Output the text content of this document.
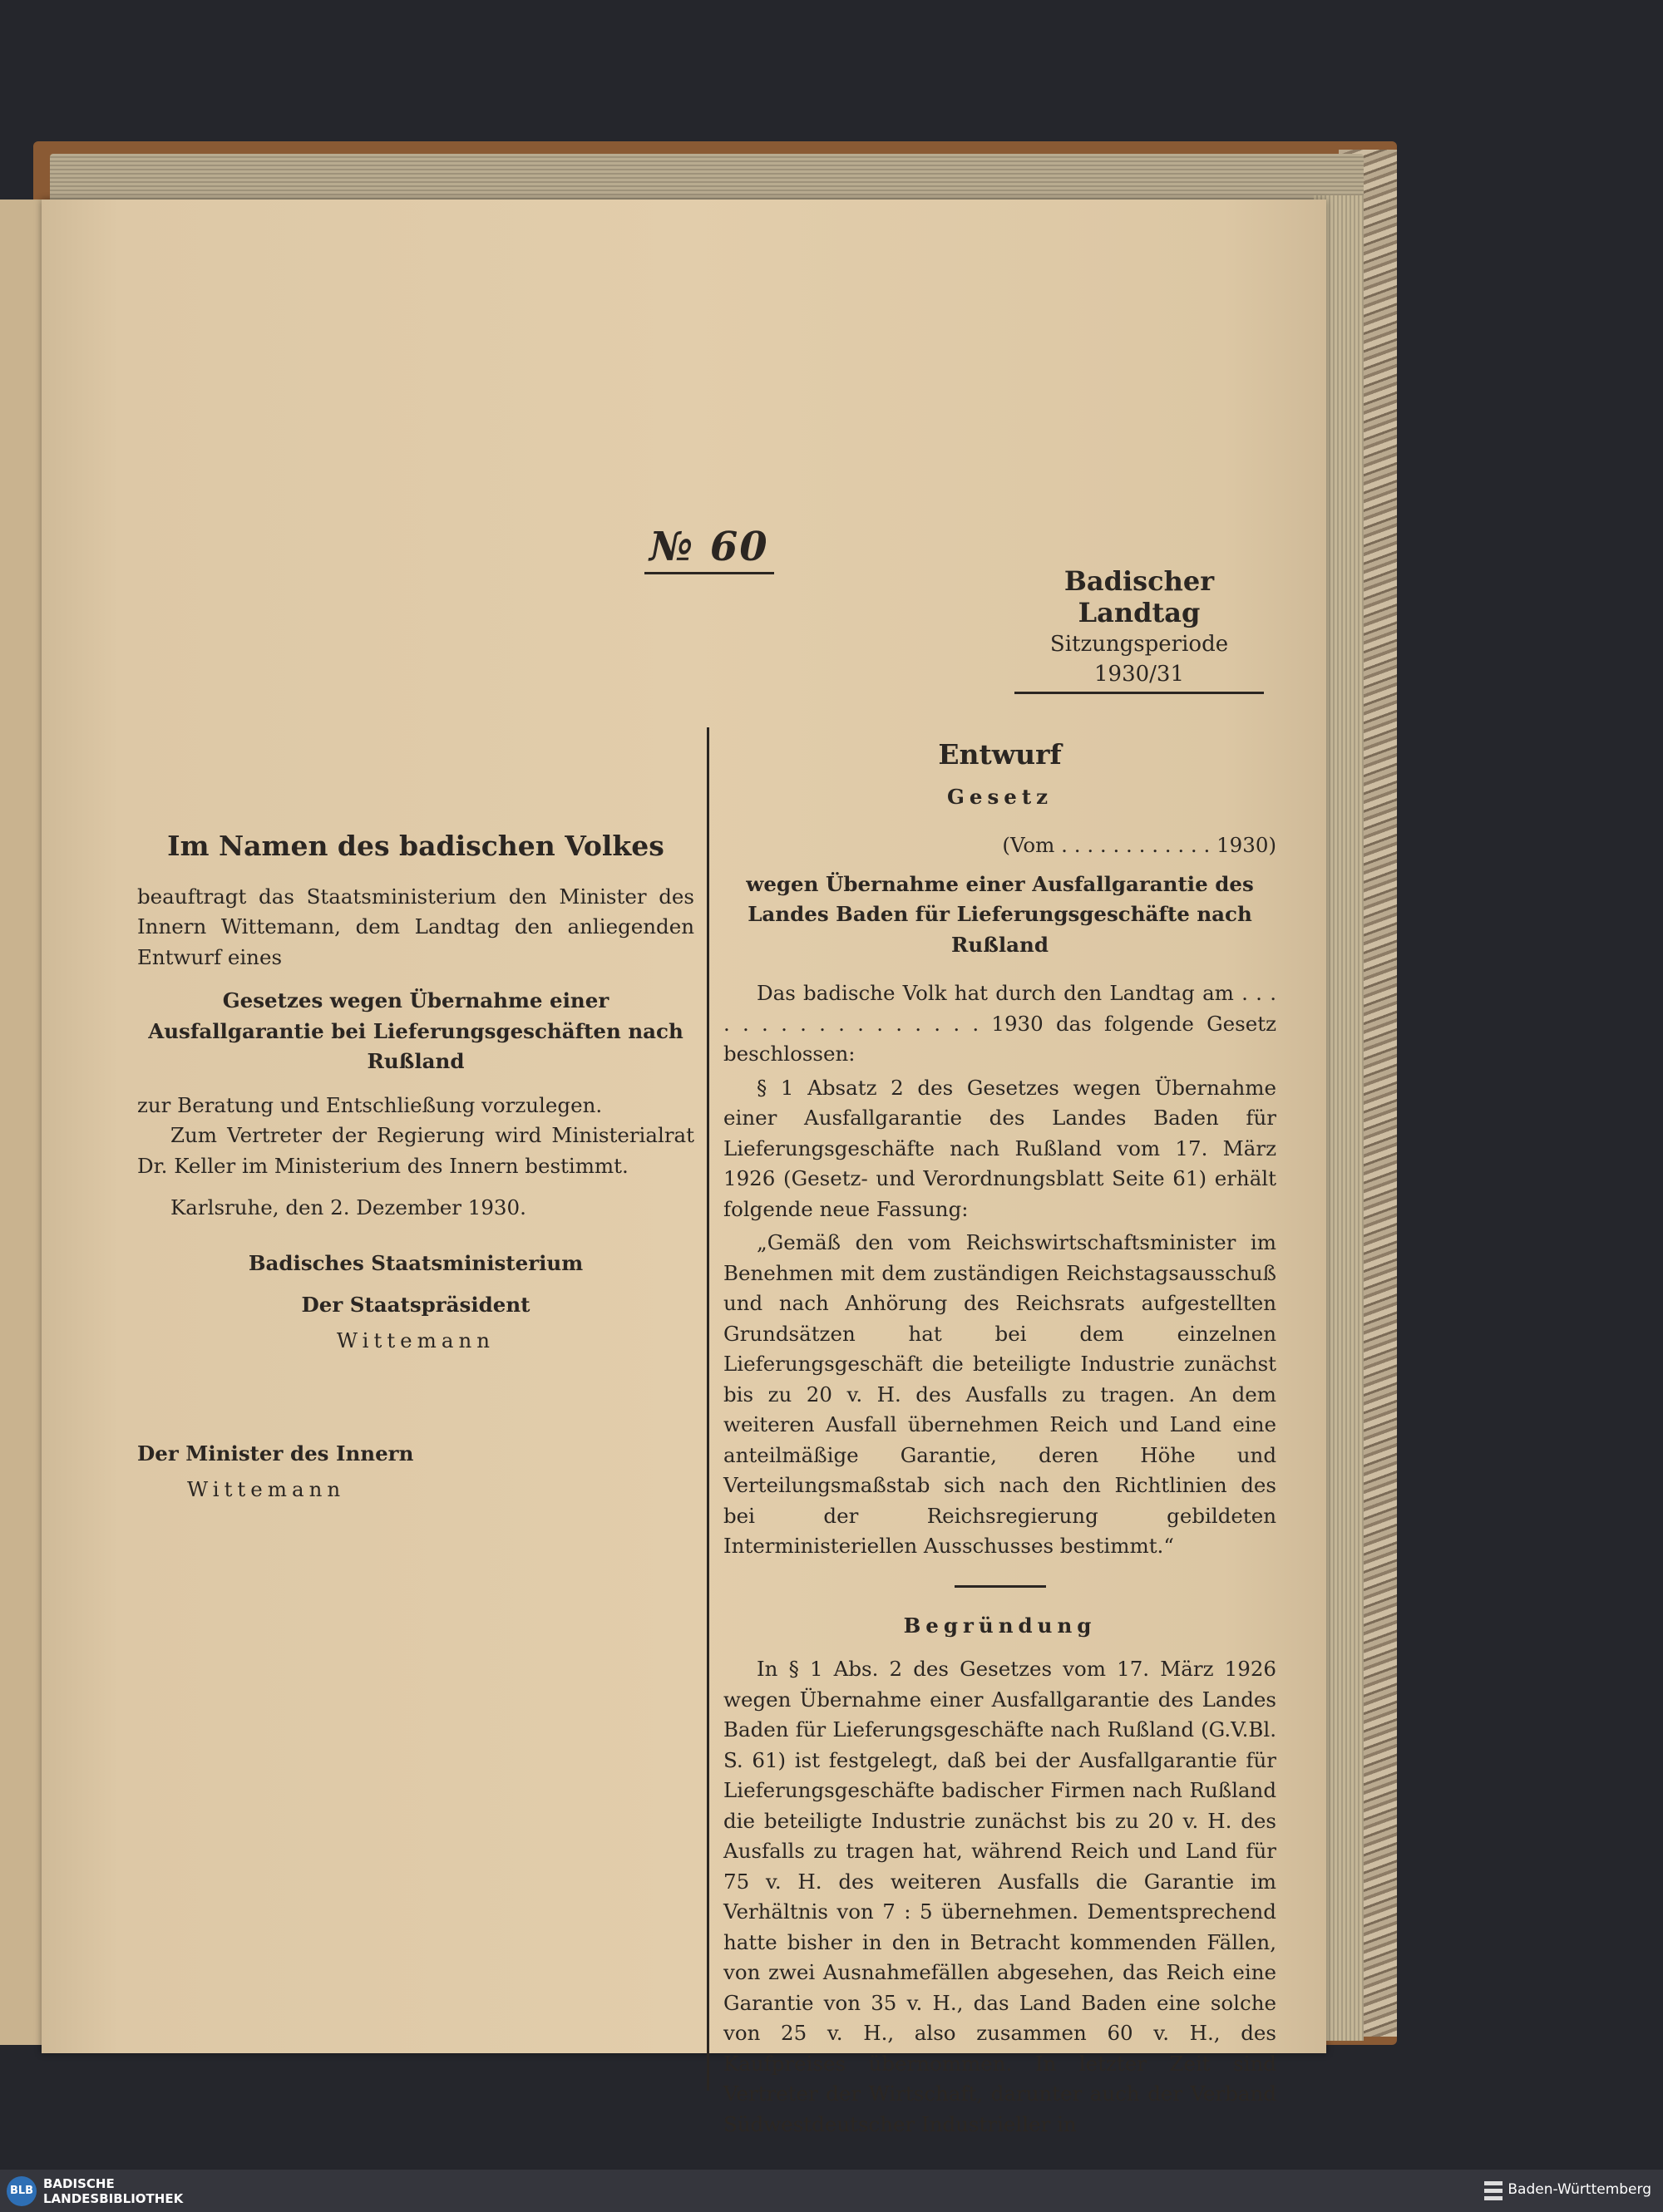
№ 60
Badischer Landtag
Sitzungsperiode
1930/31

Im Namen des badischen Volkes

beauftragt das Staatsministerium den Minister des Innern Wittemann, dem Landtag den anliegenden Entwurf eines

Gesetzes wegen Übernahme einer Ausfallgarantie bei Lieferungsgeschäften nach Rußland

zur Beratung und Entschließung vorzulegen.

Zum Vertreter der Regierung wird Ministerialrat Dr. Keller im Ministerium des Innern bestimmt.

Karlsruhe, den 2. Dezember 1930.

Badisches Staatsministerium

Der Staatspräsident

Wittemann

Der Minister des Innern

Wittemann

Entwurf

Gesetz

(Vom . . . . . . . . . . . . 1930)

wegen Übernahme einer Ausfallgarantie des Landes Baden für Lieferungsgeschäfte nach Rußland

Das badische Volk hat durch den Landtag am . . . . . . . . . . . . . . . . . 1930 das folgende Gesetz beschlossen:

§ 1 Absatz 2 des Gesetzes wegen Übernahme einer Ausfallgarantie des Landes Baden für Lieferungsgeschäfte nach Rußland vom 17. März 1926 (Gesetz- und Verordnungsblatt Seite 61) erhält folgende neue Fassung:

„Gemäß den vom Reichswirtschaftsminister im Benehmen mit dem zuständigen Reichstagsausschuß und nach Anhörung des Reichsrats aufgestellten Grundsätzen hat bei dem einzelnen Lieferungsgeschäft die beteiligte Industrie zunächst bis zu 20 v. H. des Ausfalls zu tragen. An dem weiteren Ausfall übernehmen Reich und Land eine anteilmäßige Garantie, deren Höhe und Verteilungsmaßstab sich nach den Richtlinien des bei der Reichsregierung gebildeten Interministeriellen Ausschusses bestimmt.“

Begründung

In § 1 Abs. 2 des Gesetzes vom 17. März 1926 wegen Übernahme einer Ausfallgarantie des Landes Baden für Lieferungsgeschäfte nach Rußland (G.V.Bl. S. 61) ist festgelegt, daß bei der Ausfallgarantie für Lieferungsgeschäfte badischer Firmen nach Rußland die beteiligte Industrie zunächst bis zu 20 v. H. des Ausfalls zu tragen hat, während Reich und Land für 75 v. H. des weiteren Ausfalls die Garantie im Verhältnis von 7 : 5 übernehmen. Dementsprechend hatte bisher in den in Betracht kommenden Fällen, von zwei Ausnahmefällen abgesehen, das Reich eine Garantie von 35 v. H., das Land Baden eine solche von 25 v. H., also zusammen 60 v. H., des Kaufpreises übernommen. In letzter Zeit sind Vertreter der Wirtschaft, darunter auch der Verband Südwestdeutscher Industrieller in

BLB BADISCHE
LANDESBIBLIOTHEK
Baden-Württemberg
